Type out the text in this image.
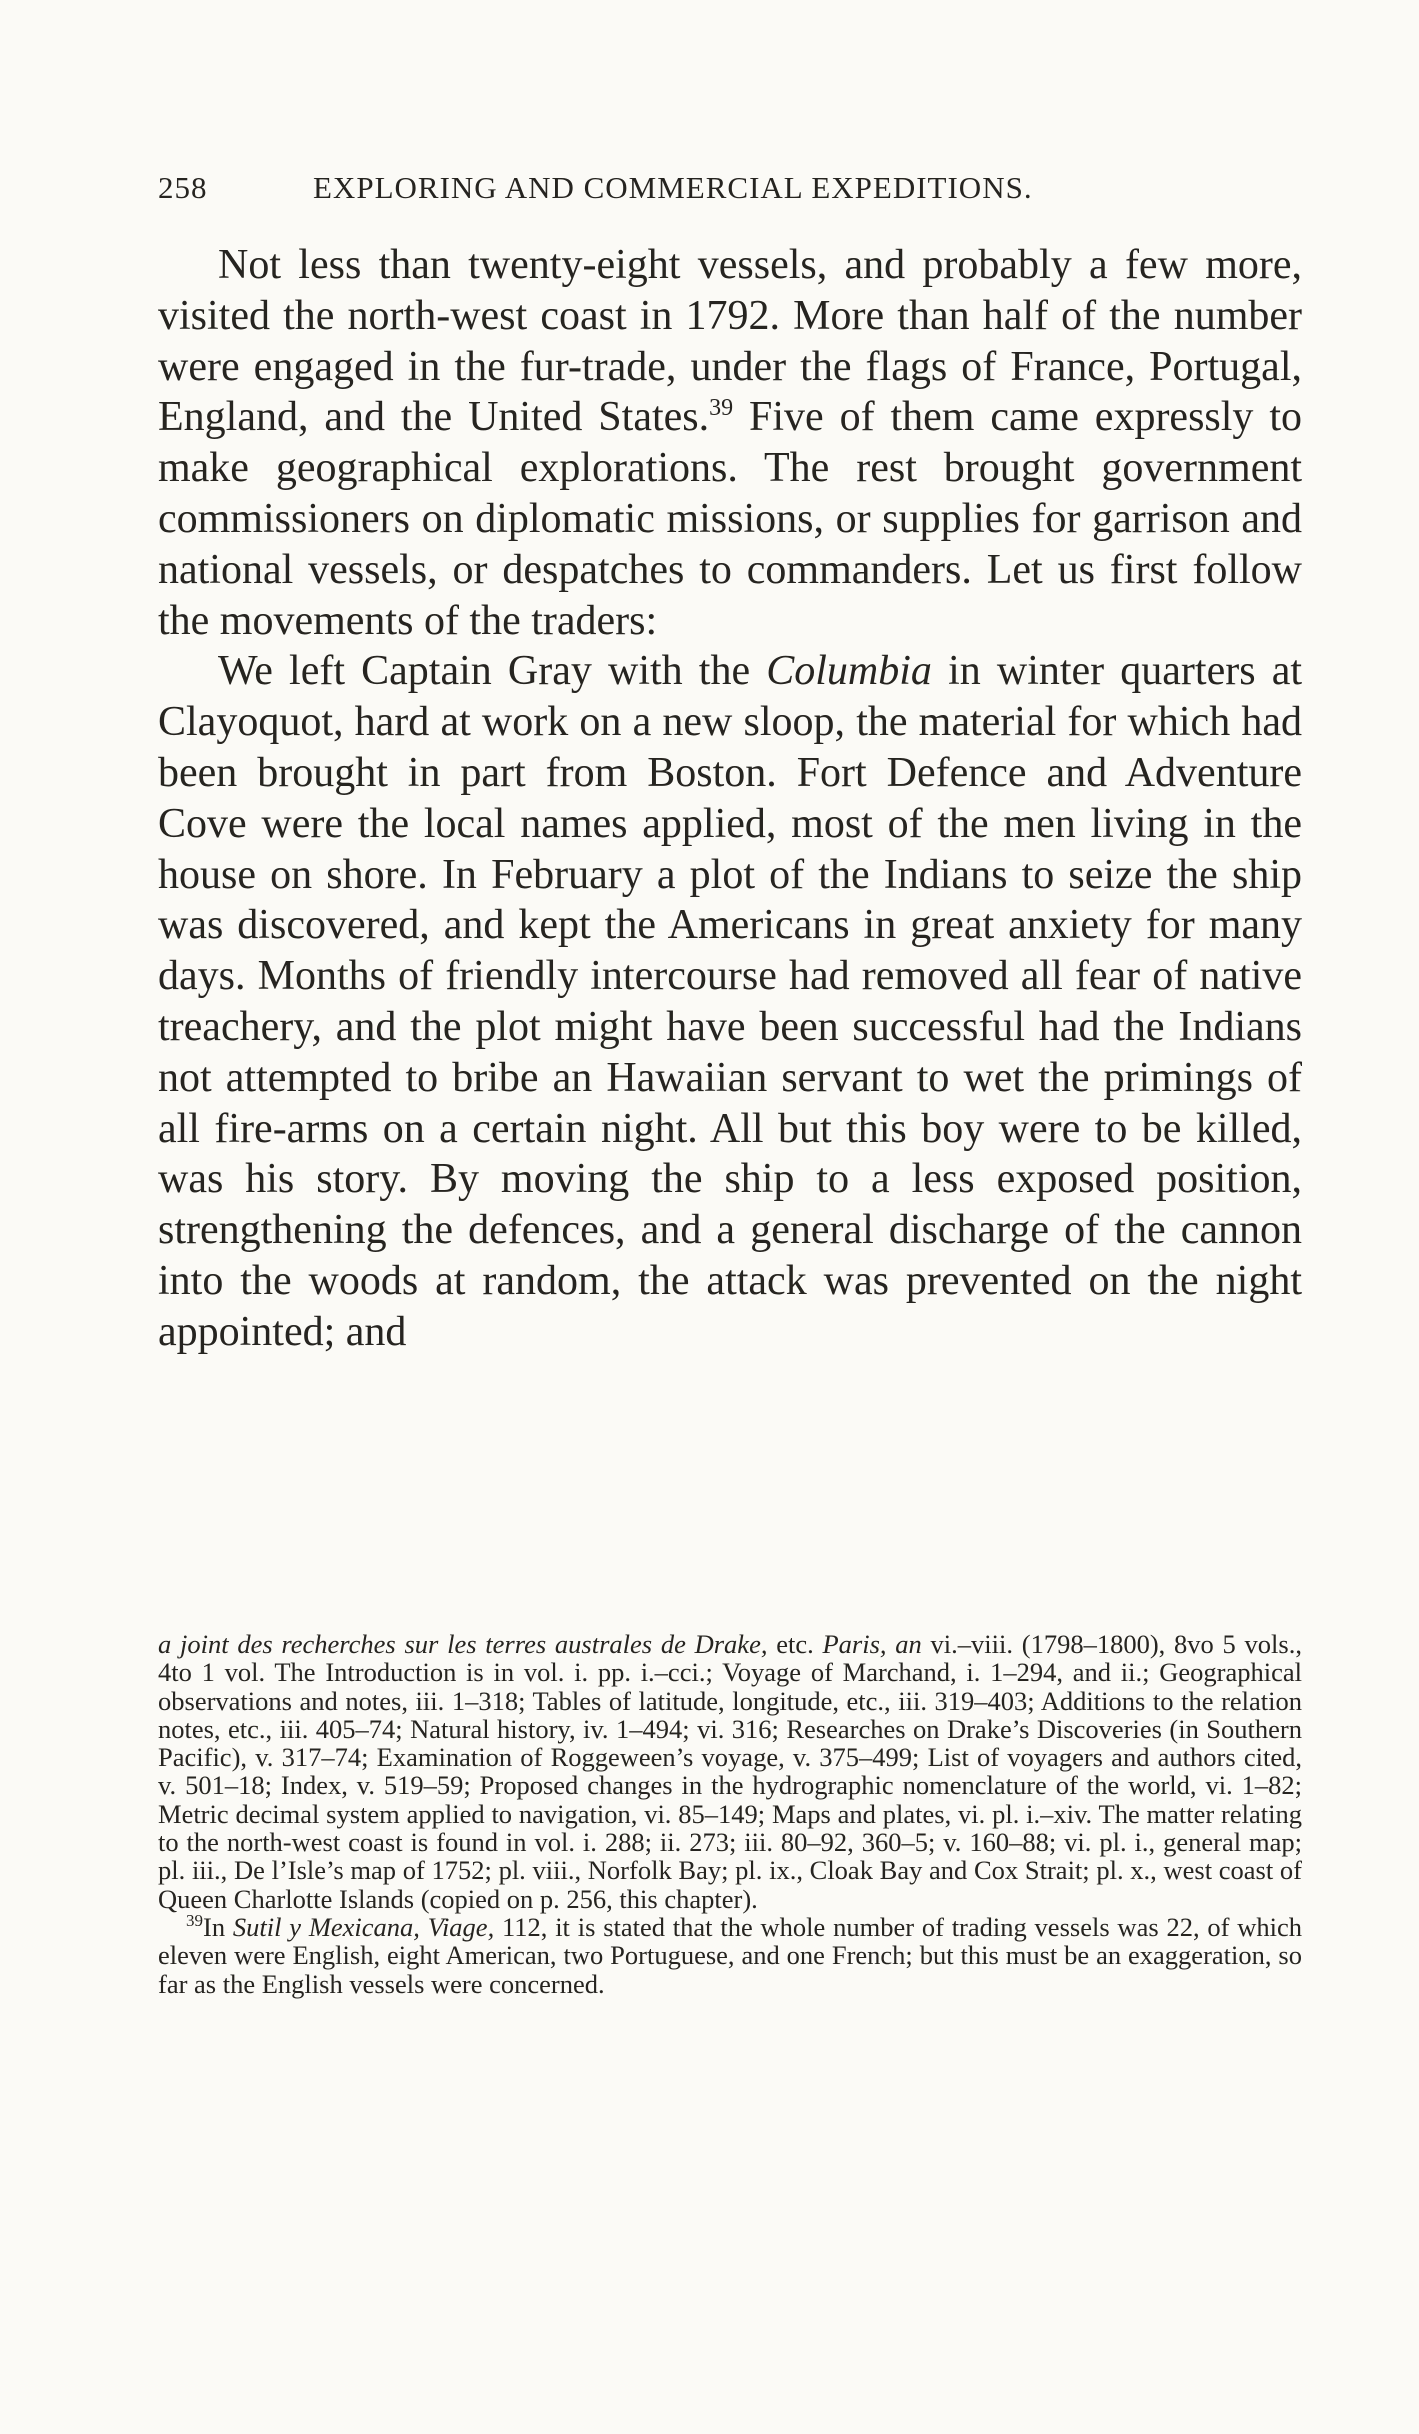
258	EXPLORING AND COMMERCIAL EXPEDITIONS.

Not less than twenty-eight vessels, and probably a few more, visited the north-west coast in 1792. More than half of the number were engaged in the fur-trade, under the flags of France, Portugal, England, and the United States.$^{39}$ Five of them came expressly to make geographical explorations. The rest brought government commissioners on diplomatic missions, or supplies for garrison and national vessels, or despatches to commanders. Let us first follow the movements of the traders:

We left Captain Gray with the Columbia in winter quarters at Clayoquot, hard at work on a new sloop, the material for which had been brought in part from Boston. Fort Defence and Adventure Cove were the local names applied, most of the men living in the house on shore. In February a plot of the Indians to seize the ship was discovered, and kept the Americans in great anxiety for many days. Months of friendly intercourse had removed all fear of native treachery, and the plot might have been successful had the Indians not attempted to bribe an Hawaiian servant to wet the primings of all fire-arms on a certain night. All but this boy were to be killed, was his story. By moving the ship to a less exposed position, strengthening the defences, and a general discharge of the cannon into the woods at random, the attack was prevented on the night appointed; and

a joint des recherches sur les terres australes de Drake, etc. Paris, an vi.–viii. (1798–1800), 8vo 5 vols., 4to 1 vol. The Introduction is in vol. i. pp. i.–cci.; Voyage of Marchand, i. 1–294, and ii.; Geographical observations and notes, iii. 1–318; Tables of latitude, longitude, etc., iii. 319–403; Additions to the relation notes, etc., iii. 405–74; Natural history, iv. 1–494; vi. 316; Researches on Drake’s Discoveries (in Southern Pacific), v. 317–74; Examination of Roggeween’s voyage, v. 375–499; List of voyagers and authors cited, v. 501–18; Index, v. 519–59; Proposed changes in the hydrographic nomenclature of the world, vi. 1–82; Metric decimal system applied to navigation, vi. 85–149; Maps and plates, vi. pl. i.–xiv. The matter relating to the north-west coast is found in vol. i. 288; ii. 273; iii. 80–92, 360–5; v. 160–88; vi. pl. i., general map; pl. iii., De l’Isle’s map of 1752; pl. viii., Norfolk Bay; pl. ix., Cloak Bay and Cox Strait; pl. x., west coast of Queen Charlotte Islands (copied on p. 256, this chapter).

$^{39}$In Sutil y Mexicana, Viage, 112, it is stated that the whole number of trading vessels was 22, of which eleven were English, eight American, two Portuguese, and one French; but this must be an exaggeration, so far as the English vessels were concerned.
